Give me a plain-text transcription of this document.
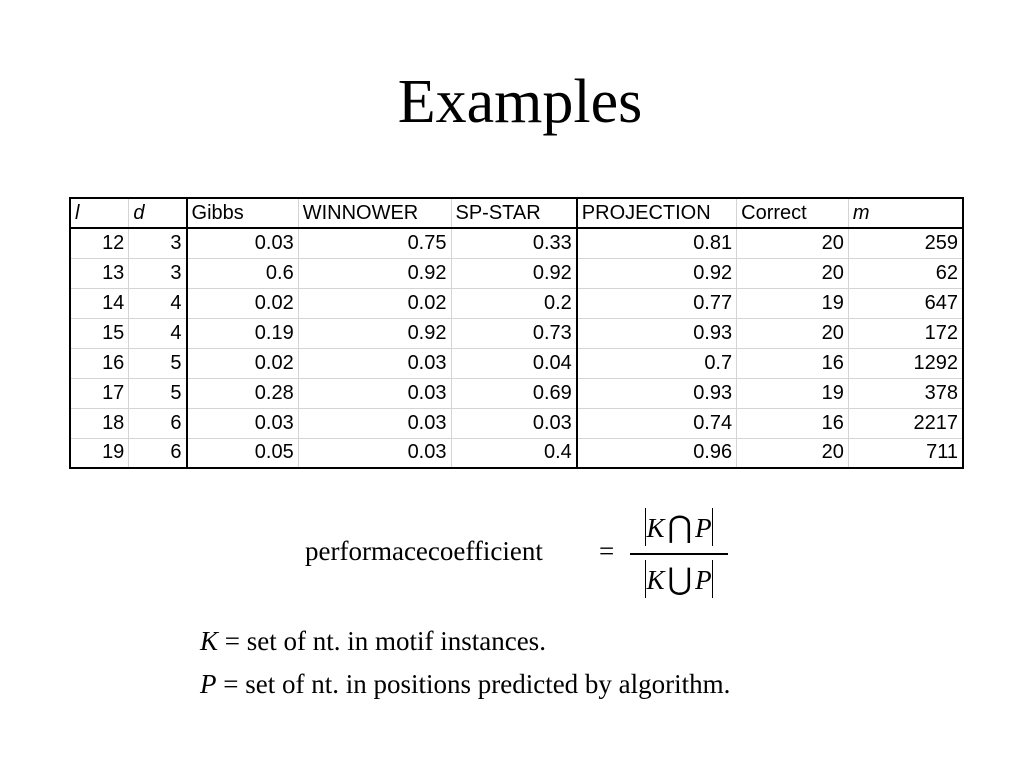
Examples
l	d	Gibbs	WINNOWER	SP-STAR	PROJECTION	Correct	m
12	3	0.03	0.75	0.33	0.81	20	259
13	3	0.6	0.92	0.92	0.92	20	62
14	4	0.02	0.02	0.2	0.77	19	647
15	4	0.19	0.92	0.73	0.93	20	172
16	5	0.02	0.03	0.04	0.7	16	1292
17	5	0.28	0.03	0.69	0.93	19	378
18	6	0.03	0.03	0.03	0.74	16	2217
19	6	0.05	0.03	0.4	0.96	20	711
performacecoefficient =
K ⋂ P
K ⋃ P
K = set of nt. in motif instances.
P = set of nt. in positions predicted by algorithm.
